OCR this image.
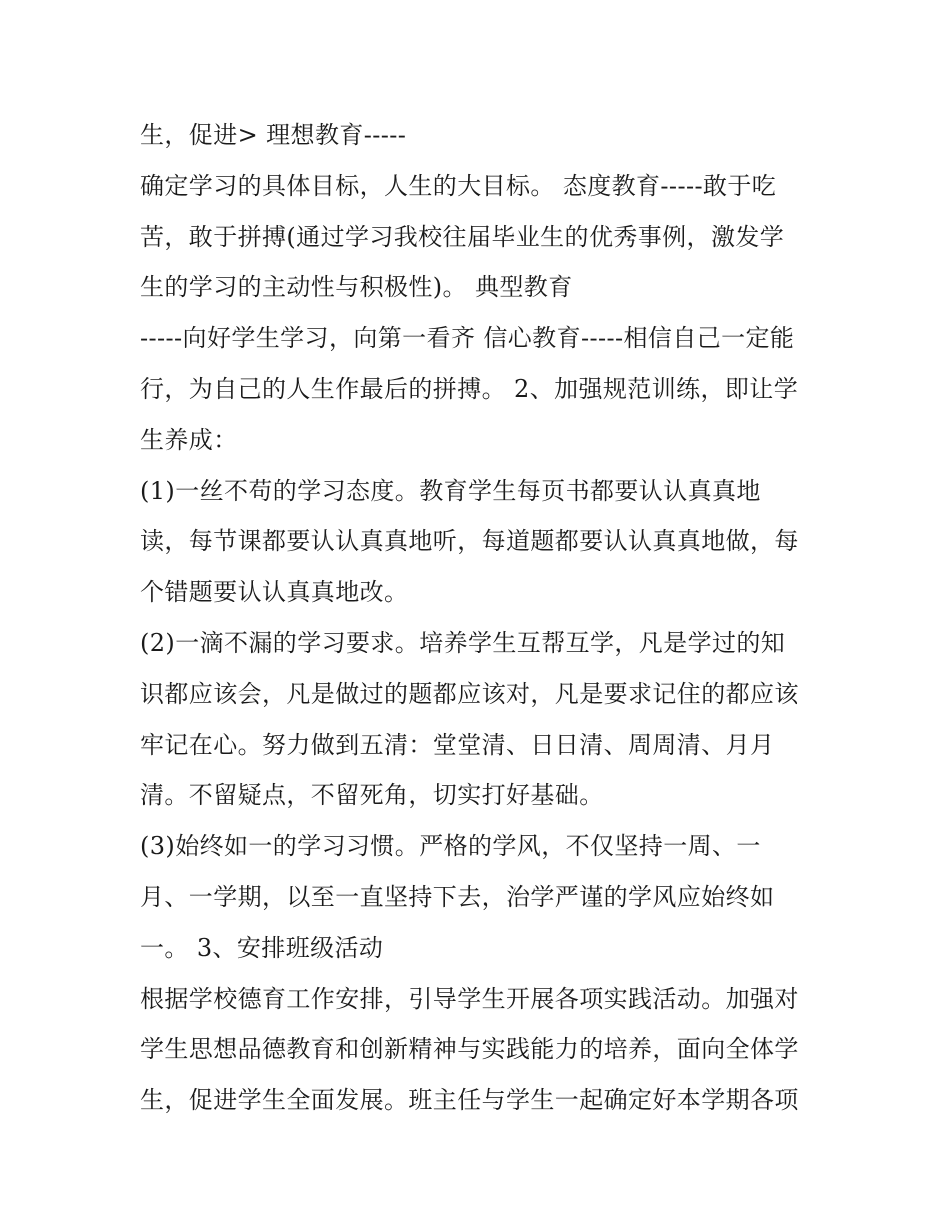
生，促进> 理想教育-----
确定学习的具体目标，人生的大目标。 态度教育-----敢于吃
苦，敢于拼搏(通过学习我校往届毕业生的优秀事例，激发学
生的学习的主动性与积极性)。 典型教育
-----向好学生学习，向第一看齐 信心教育-----相信自己一定能
行，为自己的人生作最后的拼搏。 2、加强规范训练，即让学
生养成：
(1)一丝不苟的学习态度。教育学生每页书都要认认真真地
读，每节课都要认认真真地听，每道题都要认认真真地做，每
个错题要认认真真地改。
(2)一滴不漏的学习要求。培养学生互帮互学，凡是学过的知
识都应该会，凡是做过的题都应该对，凡是要求记住的都应该
牢记在心。努力做到五清：堂堂清、日日清、周周清、月月
清。不留疑点，不留死角，切实打好基础。
(3)始终如一的学习习惯。严格的学风，不仅坚持一周、一
月、一学期，以至一直坚持下去，治学严谨的学风应始终如
一。 3、安排班级活动
根据学校德育工作安排，引导学生开展各项实践活动。加强对
学生思想品德教育和创新精神与实践能力的培养，面向全体学
生，促进学生全面发展。班主任与学生一起确定好本学期各项
